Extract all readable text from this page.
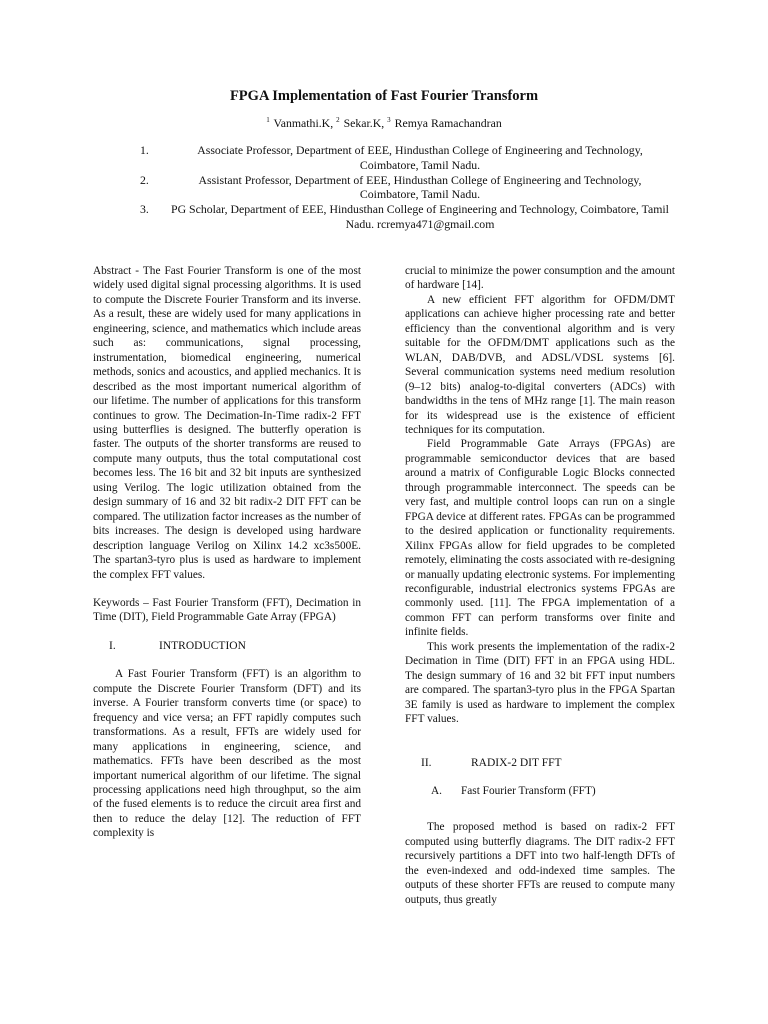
FPGA Implementation of Fast Fourier Transform
$^1$ Vanmathi.K, $^2$ Sekar.K, $^3$ Remya Ramachandran
1.	Associate Professor, Department of EEE, Hindusthan College of Engineering and Technology, Coimbatore, Tamil Nadu.
2.	Assistant Professor, Department of EEE, Hindusthan College of Engineering and Technology, Coimbatore, Tamil Nadu.
3.	PG Scholar, Department of EEE, Hindusthan College of Engineering and Technology, Coimbatore, Tamil Nadu. rcremya471@gmail.com

Abstract - The Fast Fourier Transform is one of the most widely used digital signal processing algorithms. It is used to compute the Discrete Fourier Transform and its inverse. As a result, these are widely used for many applications in engineering, science, and mathematics which include areas such as: communications, signal processing, instrumentation, biomedical engineering, numerical methods, sonics and acoustics, and applied mechanics. It is described as the most important numerical algorithm of our lifetime. The number of applications for this transform continues to grow. The Decimation-In-Time radix-2 FFT using butterflies is designed. The butterfly operation is faster. The outputs of the shorter transforms are reused to compute many outputs, thus the total computational cost becomes less. The 16 bit and 32 bit inputs are synthesized using Verilog. The logic utilization obtained from the design summary of 16 and 32 bit radix-2 DIT FFT can be compared. The utilization factor increases as the number of bits increases. The design is developed using hardware description language Verilog on Xilinx 14.2 xc3s500E. The spartan3-tyro plus is used as hardware to implement the complex FFT values.

Keywords – Fast Fourier Transform (FFT), Decimation in Time (DIT), Field Programmable Gate Array (FPGA)

I.	INTRODUCTION

A Fast Fourier Transform (FFT) is an algorithm to compute the Discrete Fourier Transform (DFT) and its inverse. A Fourier transform converts time (or space) to frequency and vice versa; an FFT rapidly computes such transformations. As a result, FFTs are widely used for many applications in engineering, science, and mathematics. FFTs have been described as the most important numerical algorithm of our lifetime. The signal processing applications need high throughput, so the aim of the fused elements is to reduce the circuit area first and then to reduce the delay [12]. The reduction of FFT complexity is

crucial to minimize the power consumption and the amount of hardware [14].

A new efficient FFT algorithm for OFDM/DMT applications can achieve higher processing rate and better efficiency than the conventional algorithm and is very suitable for the OFDM/DMT applications such as the WLAN, DAB/DVB, and ADSL/VDSL systems [6]. Several communication systems need medium resolution (9–12 bits) analog-to-digital converters (ADCs) with bandwidths in the tens of MHz range [1]. The main reason for its widespread use is the existence of efficient techniques for its computation.

Field Programmable Gate Arrays (FPGAs) are programmable semiconductor devices that are based around a matrix of Configurable Logic Blocks connected through programmable interconnect. The speeds can be very fast, and multiple control loops can run on a single FPGA device at different rates. FPGAs can be programmed to the desired application or functionality requirements. Xilinx FPGAs allow for field upgrades to be completed remotely, eliminating the costs associated with re-designing or manually updating electronic systems. For implementing reconfigurable, industrial electronics systems FPGAs are commonly used. [11]. The FPGA implementation of a common FFT can perform transforms over finite and infinite fields.

This work presents the implementation of the radix-2 Decimation in Time (DIT) FFT in an FPGA using HDL. The design summary of 16 and 32 bit FFT input numbers are compared. The spartan3-tyro plus in the FPGA Spartan 3E family is used as hardware to implement the complex FFT values.

II.	RADIX-2 DIT FFT
A.	Fast Fourier Transform (FFT)

The proposed method is based on radix-2 FFT computed using butterfly diagrams. The DIT radix-2 FFT recursively partitions a DFT into two half-length DFTs of the even-indexed and odd-indexed time samples. The outputs of these shorter FFTs are reused to compute many outputs, thus greatly
